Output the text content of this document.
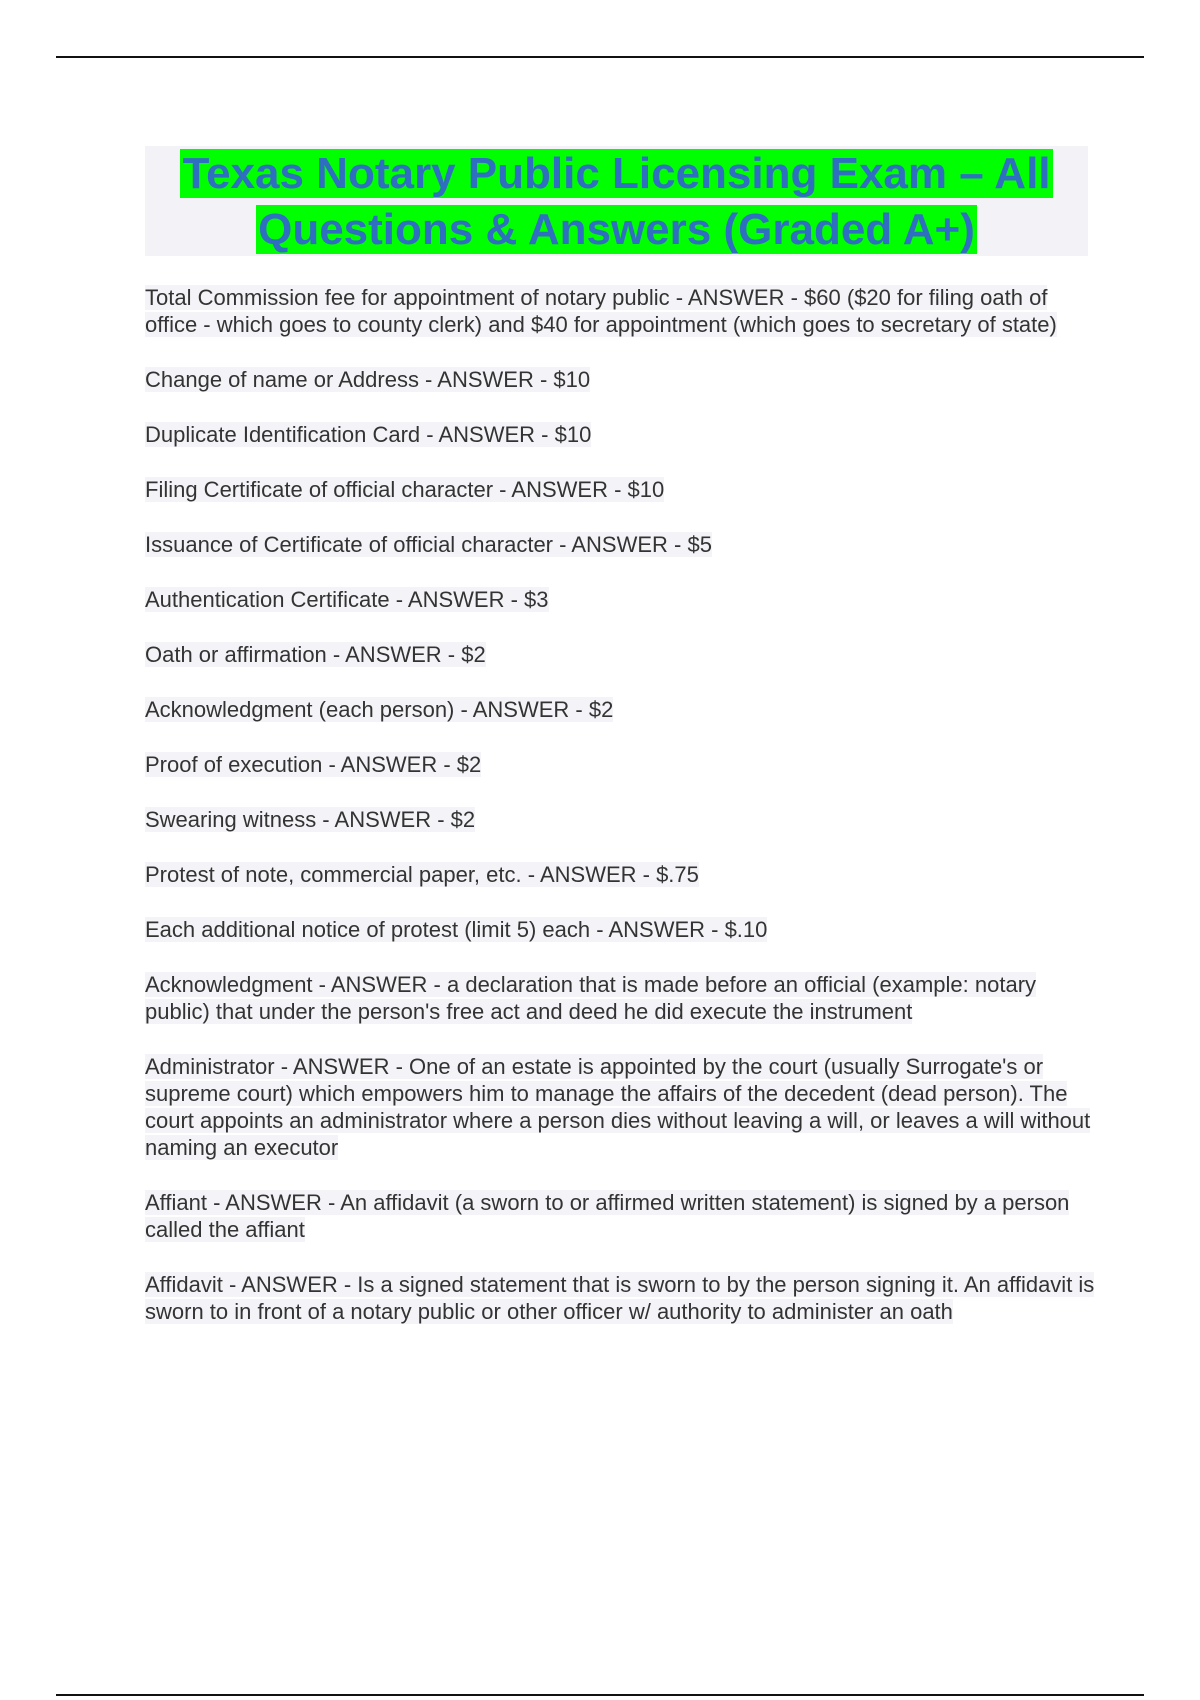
Texas Notary Public Licensing Exam – All Questions & Answers (Graded A+)

Total Commission fee for appointment of notary public - ANSWER - $60 ($20 for filing oath of office - which goes to county clerk) and $40 for appointment (which goes to secretary of state)

Change of name or Address - ANSWER - $10

Duplicate Identification Card - ANSWER - $10

Filing Certificate of official character - ANSWER - $10

Issuance of Certificate of official character - ANSWER - $5

Authentication Certificate - ANSWER - $3

Oath or affirmation - ANSWER - $2

Acknowledgment (each person) - ANSWER - $2

Proof of execution - ANSWER - $2

Swearing witness - ANSWER - $2

Protest of note, commercial paper, etc. - ANSWER - $.75

Each additional notice of protest (limit 5) each - ANSWER - $.10

Acknowledgment - ANSWER - a declaration that is made before an official (example: notary public) that under the person's free act and deed he did execute the instrument

Administrator - ANSWER - One of an estate is appointed by the court (usually Surrogate's or supreme court) which empowers him to manage the affairs of the decedent (dead person). The court appoints an administrator where a person dies without leaving a will, or leaves a will without naming an executor

Affiant - ANSWER - An affidavit (a sworn to or affirmed written statement) is signed by a person called the affiant

Affidavit - ANSWER - Is a signed statement that is sworn to by the person signing it. An affidavit is sworn to in front of a notary public or other officer w/ authority to administer an oath
